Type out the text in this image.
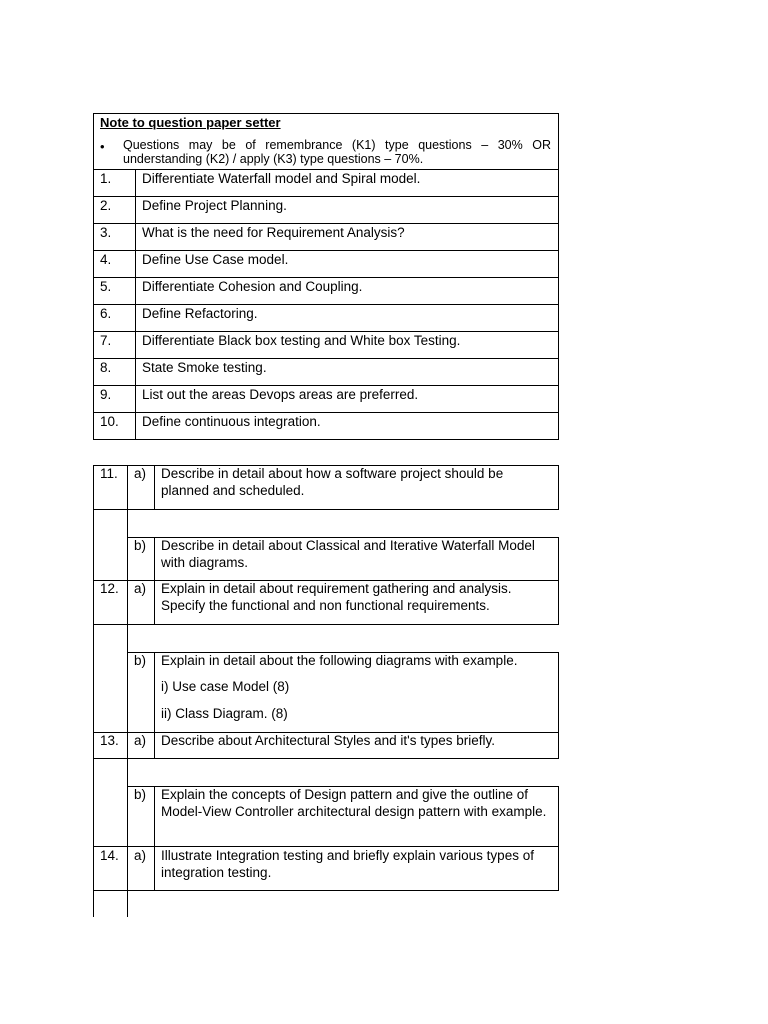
Note to question paper setter
• Questions may be of remembrance (K1) type questions – 30% OR understanding (K2) / apply (K3) type questions – 70%.
1.	Differentiate Waterfall model and Spiral model.
2.	Define Project Planning.
3.	What is the need for Requirement Analysis?
4.	Define Use Case model.
5.	Differentiate Cohesion and Coupling.
6.	Define Refactoring.
7.	Differentiate Black box testing and White box Testing.
8.	State Smoke testing.
9.	List out the areas Devops areas are preferred.
10.	Define continuous integration.
11. a) Describe in detail about how a software project should be planned and scheduled.
b) Describe in detail about Classical and Iterative Waterfall Model with diagrams.
12. a) Explain in detail about requirement gathering and analysis. Specify the functional and non functional requirements.
b) Explain in detail about the following diagrams with example.
i) Use case Model (8)
ii) Class Diagram. (8)
13. a) Describe about Architectural Styles and it's types briefly.
b) Explain the concepts of Design pattern and give the outline of Model-View Controller architectural design pattern with example.
14. a) Illustrate Integration testing and briefly explain various types of integration testing.
